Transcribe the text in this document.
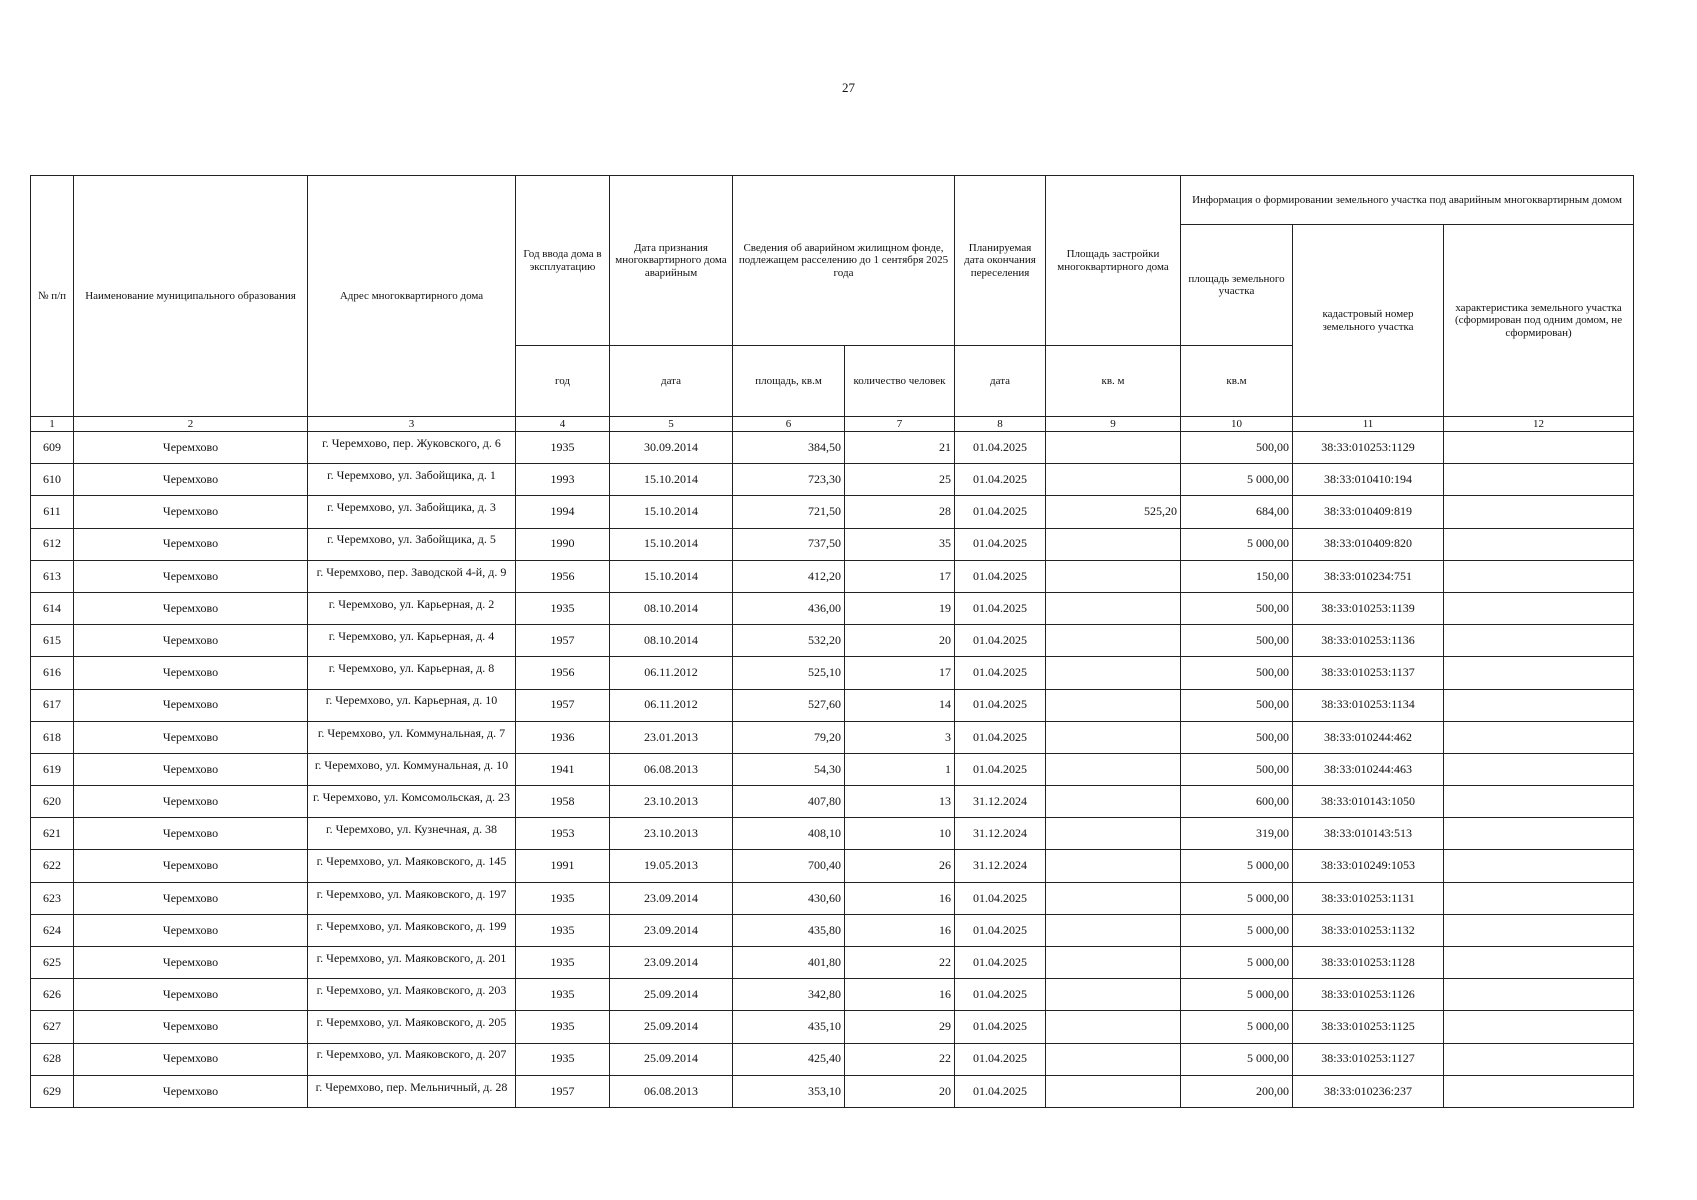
27
№ п/п	Наименование муниципального образования	Адрес многоквартирного дома	Год ввода дома в эксплуатацию	Дата признания многоквартирного дома аварийным	Сведения об аварийном жилищном фонде, подлежащем расселению до 1 сентября 2025 года		Планируемая дата окончания переселения	Площадь застройки многоквартирного дома	Информация о формировании земельного участка под аварийным многоквартирным домом		
									площадь земельного участка	кадастровый номер земельного участка	характеристика земельного участка (сформирован под одним домом, не сформирован)
			год	дата	площадь, кв.м	количество человек	дата	кв. м	кв.м		
1	2	3	4	5	6	7	8	9	10	11	12
609	Черемхово	г. Черемхово, пер. Жуковского, д. 6	1935	30.09.2014	384,50	21	01.04.2025		500,00	38:33:010253:1129	
610	Черемхово	г. Черемхово, ул. Забойщика, д. 1	1993	15.10.2014	723,30	25	01.04.2025		5 000,00	38:33:010410:194	
611	Черемхово	г. Черемхово, ул. Забойщика, д. 3	1994	15.10.2014	721,50	28	01.04.2025	525,20	684,00	38:33:010409:819	
612	Черемхово	г. Черемхово, ул. Забойщика, д. 5	1990	15.10.2014	737,50	35	01.04.2025		5 000,00	38:33:010409:820	
613	Черемхово	г. Черемхово, пер. Заводской 4-й, д. 9	1956	15.10.2014	412,20	17	01.04.2025		150,00	38:33:010234:751	
614	Черемхово	г. Черемхово, ул. Карьерная, д. 2	1935	08.10.2014	436,00	19	01.04.2025		500,00	38:33:010253:1139	
615	Черемхово	г. Черемхово, ул. Карьерная, д. 4	1957	08.10.2014	532,20	20	01.04.2025		500,00	38:33:010253:1136	
616	Черемхово	г. Черемхово, ул. Карьерная, д. 8	1956	06.11.2012	525,10	17	01.04.2025		500,00	38:33:010253:1137	
617	Черемхово	г. Черемхово, ул. Карьерная, д. 10	1957	06.11.2012	527,60	14	01.04.2025		500,00	38:33:010253:1134	
618	Черемхово	г. Черемхово, ул. Коммунальная, д. 7	1936	23.01.2013	79,20	3	01.04.2025		500,00	38:33:010244:462	
619	Черемхово	г. Черемхово, ул. Коммунальная, д. 10	1941	06.08.2013	54,30	1	01.04.2025		500,00	38:33:010244:463	
620	Черемхово	г. Черемхово, ул. Комсомольская, д. 23	1958	23.10.2013	407,80	13	31.12.2024		600,00	38:33:010143:1050	
621	Черемхово	г. Черемхово, ул. Кузнечная, д. 38	1953	23.10.2013	408,10	10	31.12.2024		319,00	38:33:010143:513	
622	Черемхово	г. Черемхово, ул. Маяковского, д. 145	1991	19.05.2013	700,40	26	31.12.2024		5 000,00	38:33:010249:1053	
623	Черемхово	г. Черемхово, ул. Маяковского, д. 197	1935	23.09.2014	430,60	16	01.04.2025		5 000,00	38:33:010253:1131	
624	Черемхово	г. Черемхово, ул. Маяковского, д. 199	1935	23.09.2014	435,80	16	01.04.2025		5 000,00	38:33:010253:1132	
625	Черемхово	г. Черемхово, ул. Маяковского, д. 201	1935	23.09.2014	401,80	22	01.04.2025		5 000,00	38:33:010253:1128	
626	Черемхово	г. Черемхово, ул. Маяковского, д. 203	1935	25.09.2014	342,80	16	01.04.2025		5 000,00	38:33:010253:1126	
627	Черемхово	г. Черемхово, ул. Маяковского, д. 205	1935	25.09.2014	435,10	29	01.04.2025		5 000,00	38:33:010253:1125	
628	Черемхово	г. Черемхово, ул. Маяковского, д. 207	1935	25.09.2014	425,40	22	01.04.2025		5 000,00	38:33:010253:1127	
629	Черемхово	г. Черемхово, пер. Мельничный, д. 28	1957	06.08.2013	353,10	20	01.04.2025		200,00	38:33:010236:237	
